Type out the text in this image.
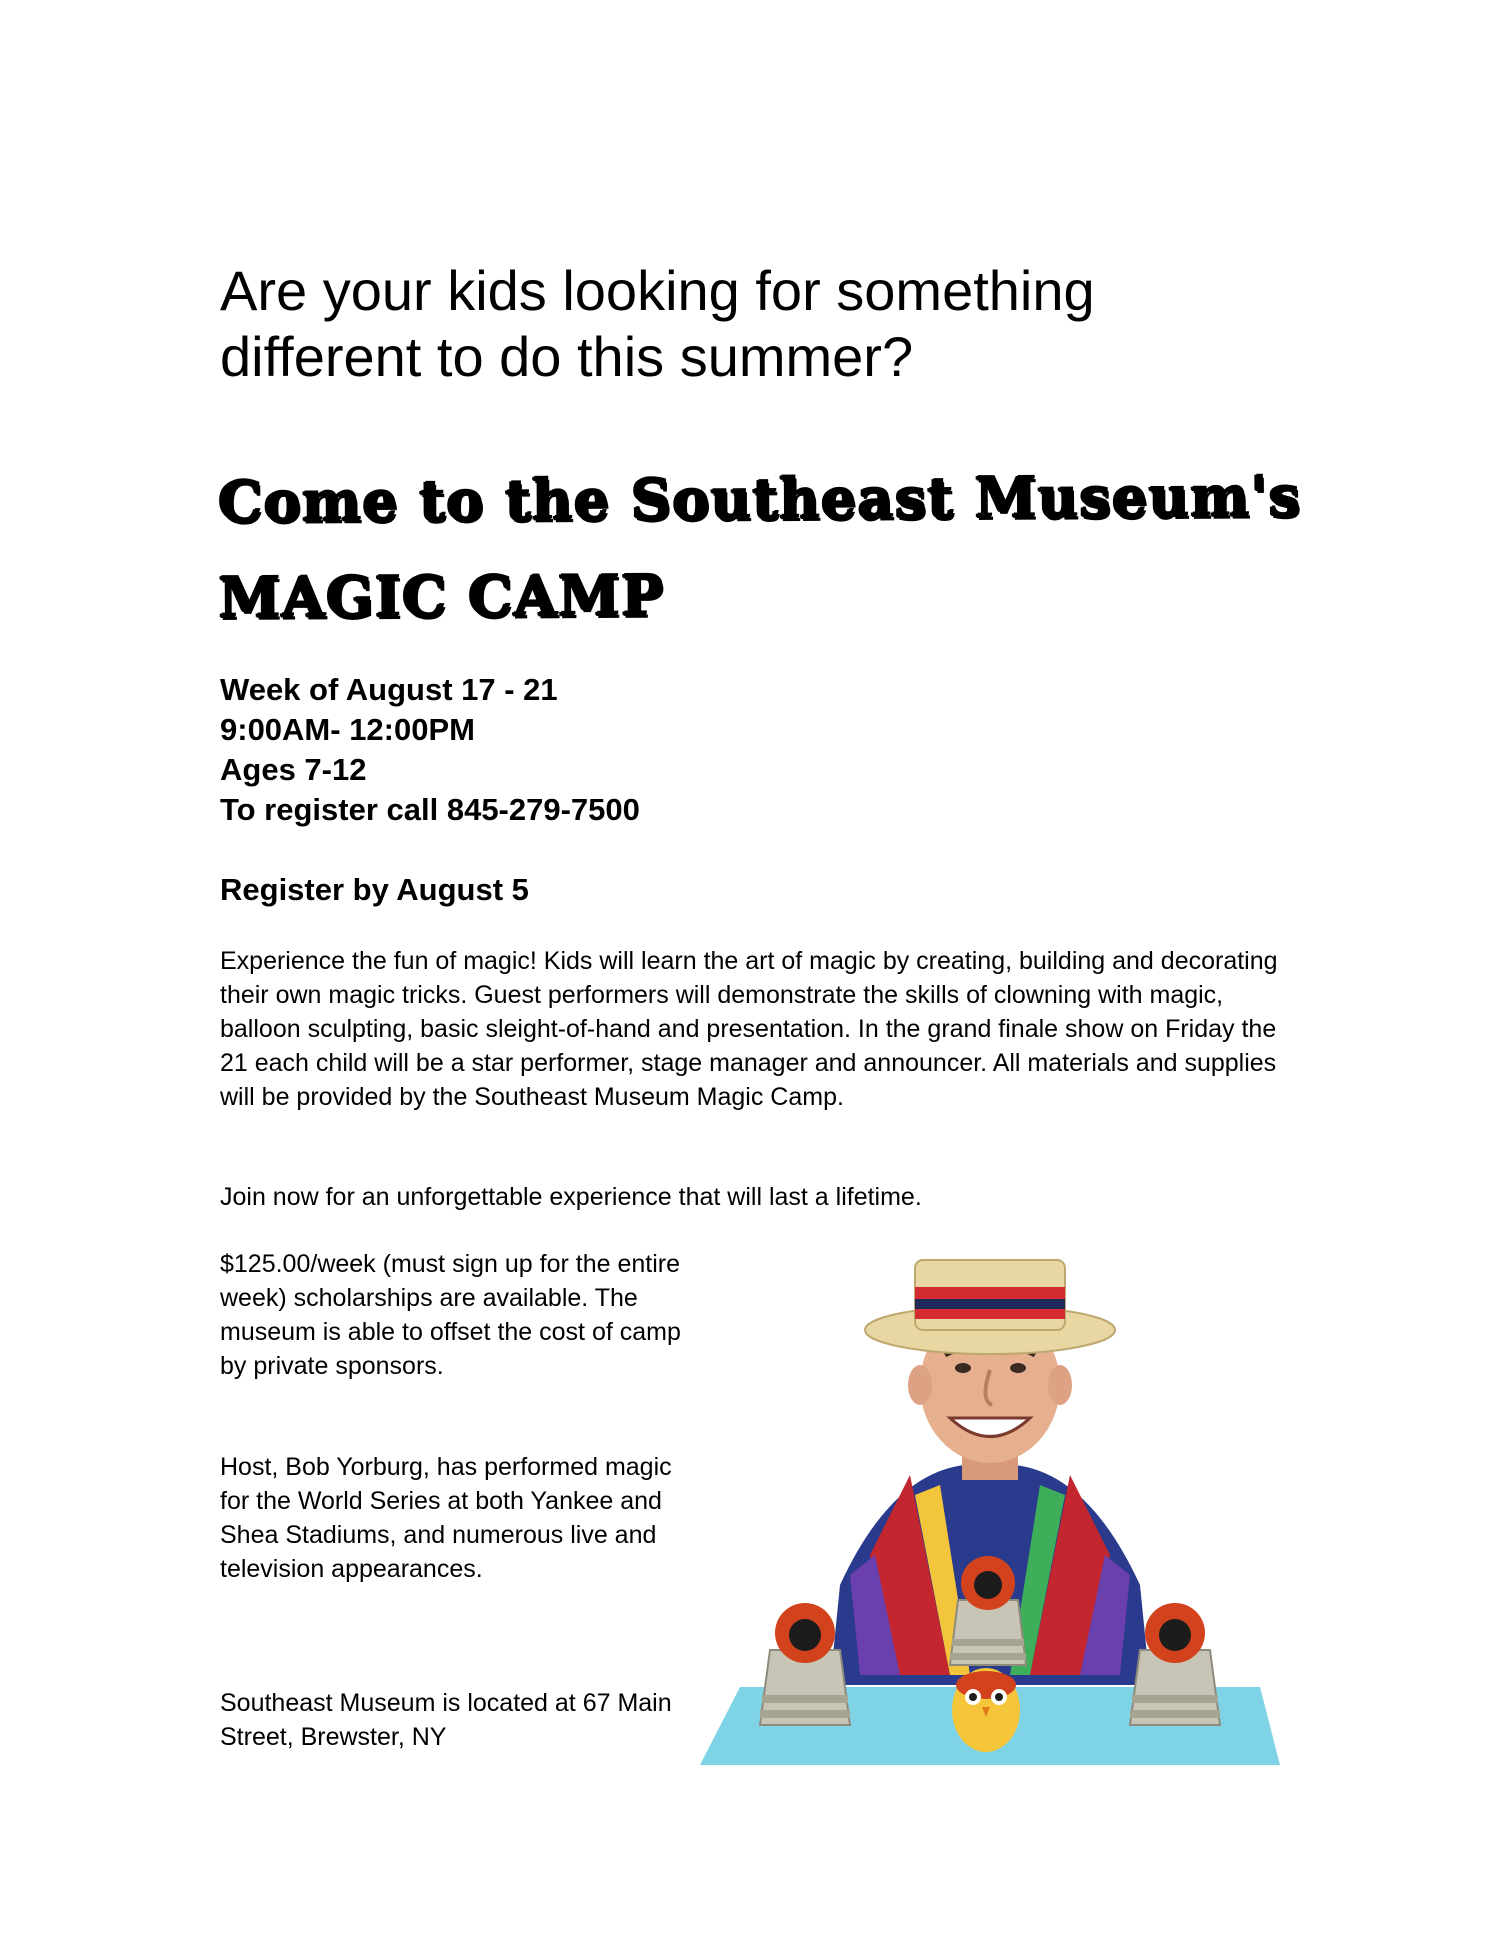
Are your kids looking for something
different to do this summer?
Come to the Southeast Museum's
MAGIC CAMP
Week of August 17 - 21
9:00AM- 12:00PM
Ages 7-12
To register call 845-279-7500
Register by August 5

Experience the fun of magic! Kids will learn the art of magic by creating, building and decorating their own magic tricks. Guest performers will demonstrate the skills of clowning with magic, balloon sculpting, basic sleight-of-hand and presentation. In the grand finale show on Friday the 21 each child will be a star performer, stage manager and announcer. All materials and supplies will be provided by the Southeast Museum Magic Camp.

Join now for an unforgettable experience that will last a lifetime.

$125.00/week (must sign up for the entire week) scholarships are available. The museum is able to offset the cost of camp by private sponsors.

Host, Bob Yorburg, has performed magic for the World Series at both Yankee and Shea Stadiums, and numerous live and television appearances.

Southeast Museum is located at 67 Main Street, Brewster, NY
